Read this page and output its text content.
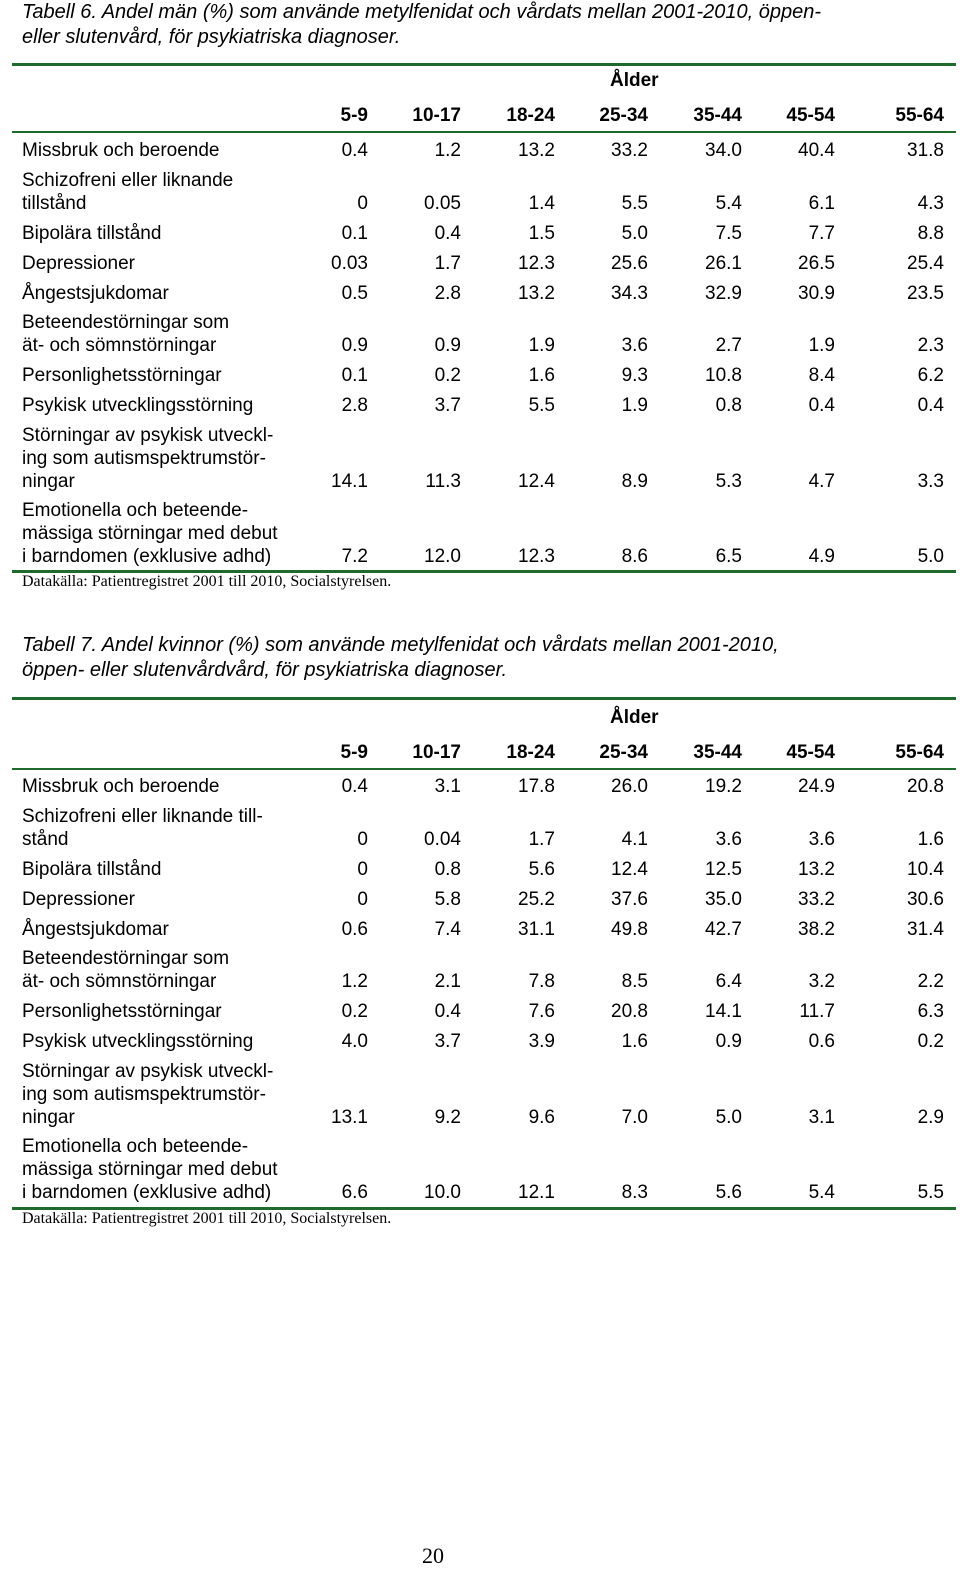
Tabell 6. Andel män (%) som använde metylfenidat och vårdats mellan 2001-2010, öppen- eller slutenvård, för psykiatriska diagnoser.
Ålder
5-9	10-17	18-24	25-34	35-44	45-54	55-64
Missbruk och beroende	0.4	1.2	13.2	33.2	34.0	40.4	31.8
Schizofreni eller liknande
tillstånd	0	0.05	1.4	5.5	5.4	6.1	4.3
Bipolära tillstånd	0.1	0.4	1.5	5.0	7.5	7.7	8.8
Depressioner	0.03	1.7	12.3	25.6	26.1	26.5	25.4
Ångestsjukdomar	0.5	2.8	13.2	34.3	32.9	30.9	23.5
Beteendestörningar som
ät- och sömnstörningar	0.9	0.9	1.9	3.6	2.7	1.9	2.3
Personlighetsstörningar	0.1	0.2	1.6	9.3	10.8	8.4	6.2
Psykisk utvecklingsstörning	2.8	3.7	5.5	1.9	0.8	0.4	0.4
Störningar av psykisk utveckl-
ing som autismspektrumstör-
ningar	14.1	11.3	12.4	8.9	5.3	4.7	3.3
Emotionella och beteende-
mässiga störningar med debut
i barndomen (exklusive adhd)	7.2	12.0	12.3	8.6	6.5	4.9	5.0
Datakälla: Patientregistret 2001 till 2010, Socialstyrelsen.
Tabell 7. Andel kvinnor (%) som använde metylfenidat och vårdats mellan 2001-2010, öppen- eller slutenvårdvård, för psykiatriska diagnoser.
Ålder
5-9	10-17	18-24	25-34	35-44	45-54	55-64
Missbruk och beroende	0.4	3.1	17.8	26.0	19.2	24.9	20.8
Schizofreni eller liknande till-
stånd	0	0.04	1.7	4.1	3.6	3.6	1.6
Bipolära tillstånd	0	0.8	5.6	12.4	12.5	13.2	10.4
Depressioner	0	5.8	25.2	37.6	35.0	33.2	30.6
Ångestsjukdomar	0.6	7.4	31.1	49.8	42.7	38.2	31.4
Beteendestörningar som
ät- och sömnstörningar	1.2	2.1	7.8	8.5	6.4	3.2	2.2
Personlighetsstörningar	0.2	0.4	7.6	20.8	14.1	11.7	6.3
Psykisk utvecklingsstörning	4.0	3.7	3.9	1.6	0.9	0.6	0.2
Störningar av psykisk utveckl-
ing som autismspektrumstör-
ningar	13.1	9.2	9.6	7.0	5.0	3.1	2.9
Emotionella och beteende-
mässiga störningar med debut
i barndomen (exklusive adhd)	6.6	10.0	12.1	8.3	5.6	5.4	5.5
Datakälla: Patientregistret 2001 till 2010, Socialstyrelsen.
20
